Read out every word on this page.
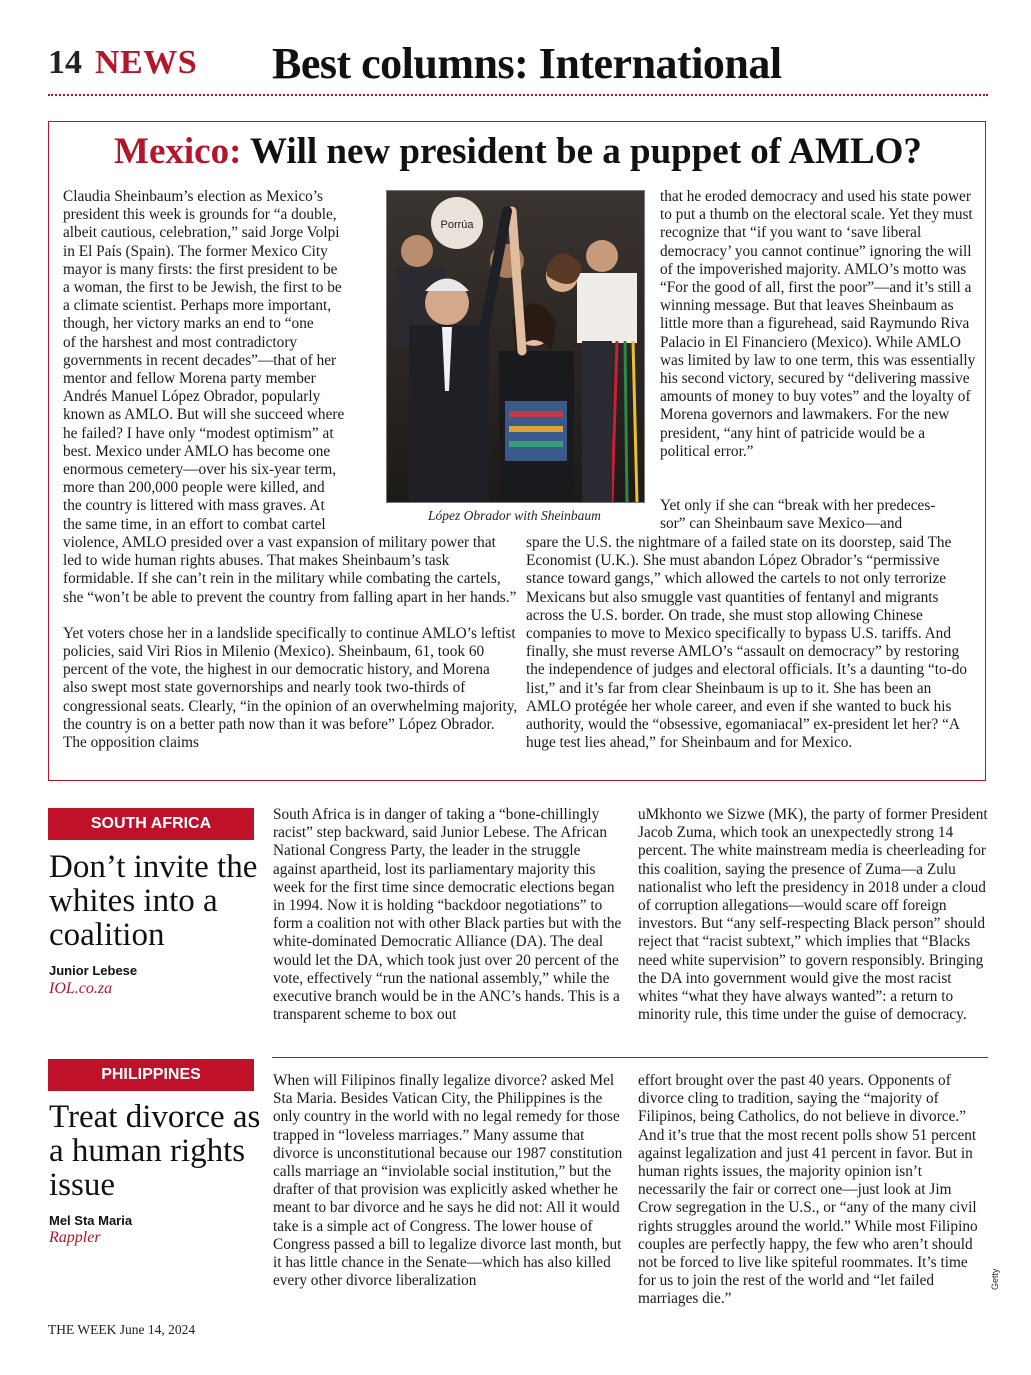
14 NEWS Best columns: International
Mexico: Will new president be a puppet of AMLO?
Claudia Sheinbaum’s election as Mexico’s
president this week is grounds for “a double,
albeit cautious, celebration,” said Jorge Volpi
in El País (Spain). The former Mexico City
mayor is many firsts: the first president to be
a woman, the first to be Jewish, the first to be
a climate scientist. Perhaps more important,
though, her victory marks an end to “one
of the harshest and most contradictory
governments in recent decades”—that of her
mentor and fellow Morena party member
Andrés Manuel López Obrador, popularly
known as AMLO. But will she succeed where
he failed? I have only “modest optimism” at
best. Mexico under AMLO has become one
enormous cemetery—over his six-year term,
more than 200,000 people were killed, and
the country is littered with mass graves. At
the same time, in an effort to combat cartel

violence, AMLO presided over a vast expansion of military power that led to wide human rights abuses. That makes Sheinbaum’s task formidable. If she can’t rein in the military while combating the cartels, she “won’t be able to prevent the country from falling apart in her hands.”

Yet voters chose her in a landslide specifically to continue AMLO’s leftist policies, said Viri Rios in Milenio (Mexico). Sheinbaum, 61, took 60 percent of the vote, the highest in our democratic history, and Morena also swept most state governorships and nearly took two-thirds of congressional seats. Clearly, “in the opinion of an overwhelming majority, the country is on a better path now than it was before” López Obrador. The opposition claims

Porrúa
López Obrador with Sheinbaum

that he eroded democracy and used his state power to put a thumb on the electoral scale. Yet they must recognize that “if you want to ‘save liberal democracy’ you cannot continue” ignoring the will of the impoverished majority. AMLO’s motto was “For the good of all, first the poor”—and it’s still a winning message. But that leaves Sheinbaum as little more than a figurehead, said Raymundo Riva Palacio in El Financiero (Mexico). While AMLO was limited by law to one term, this was essentially his second victory, secured by “delivering massive amounts of money to buy votes” and the loyalty of Morena governors and lawmakers. For the new president, “any hint of patricide would be a political error.”

Yet only if she can “break with her predeces-
sor” can Sheinbaum save Mexico—and

spare the U.S. the nightmare of a failed state on its doorstep, said The Economist (U.K.). She must abandon López Obrador’s “permissive stance toward gangs,” which allowed the cartels to not only terrorize Mexicans but also smuggle vast quantities of fentanyl and migrants across the U.S. border. On trade, she must stop allowing Chinese companies to move to Mexico specifically to bypass U.S. tariffs. And finally, she must reverse AMLO’s “assault on democracy” by restoring the independence of judges and electoral officials. It’s a daunting “to-do list,” and it’s far from clear Sheinbaum is up to it. She has been an AMLO protégée her whole career, and even if she wanted to buck his authority, would the “obsessive, egomaniacal” ex-president let her? “A huge test lies ahead,” for Sheinbaum and for Mexico.

SOUTH AFRICA
Don’t invite the whites into a coalition
Junior Lebese
IOL.co.za

South Africa is in danger of taking a “bone-chillingly racist” step backward, said Junior Lebese. The African National Congress Party, the leader in the struggle against apartheid, lost its parliamentary majority this week for the first time since democratic elections began in 1994. Now it is holding “backdoor negotiations” to form a coalition not with other Black parties but with the white-dominated Democratic Alliance (DA). The deal would let the DA, which took just over 20 percent of the vote, effectively “run the national assembly,” while the executive branch would be in the ANC’s hands. This is a transparent scheme to box out

uMkhonto we Sizwe (MK), the party of former President Jacob Zuma, which took an unexpectedly strong 14 percent. The white mainstream media is cheerleading for this coalition, saying the presence of Zuma—a Zulu nationalist who left the presidency in 2018 under a cloud of corruption allegations—would scare off foreign investors. But “any self-respecting Black person” should reject that “racist subtext,” which implies that “Blacks need white supervision” to govern responsibly. Bringing the DA into government would give the most racist whites “what they have always wanted”: a return to minority rule, this time under the guise of democracy.

PHILIPPINES
Treat divorce as a human rights issue
Mel Sta Maria
Rappler

When will Filipinos finally legalize divorce? asked Mel Sta Maria. Besides Vatican City, the Philippines is the only country in the world with no legal remedy for those trapped in “loveless marriages.” Many assume that divorce is unconstitutional because our 1987 constitution calls marriage an “inviolable social institution,” but the drafter of that provision was explicitly asked whether he meant to bar divorce and he says he did not: All it would take is a simple act of Congress. The lower house of Congress passed a bill to legalize divorce last month, but it has little chance in the Senate—which has also killed every other divorce liberalization

effort brought over the past 40 years. Opponents of divorce cling to tradition, saying the “majority of Filipinos, being Catholics, do not believe in divorce.” And it’s true that the most recent polls show 51 percent against legalization and just 41 percent in favor. But in human rights issues, the majority opinion isn’t necessarily the fair or correct one—just look at Jim Crow segregation in the U.S., or “any of the many civil rights struggles around the world.” While most Filipino couples are perfectly happy, the few who aren’t should not be forced to live like spiteful roommates. It’s time for us to join the rest of the world and “let failed marriages die.”

Getty
THE WEEK June 14, 2024
